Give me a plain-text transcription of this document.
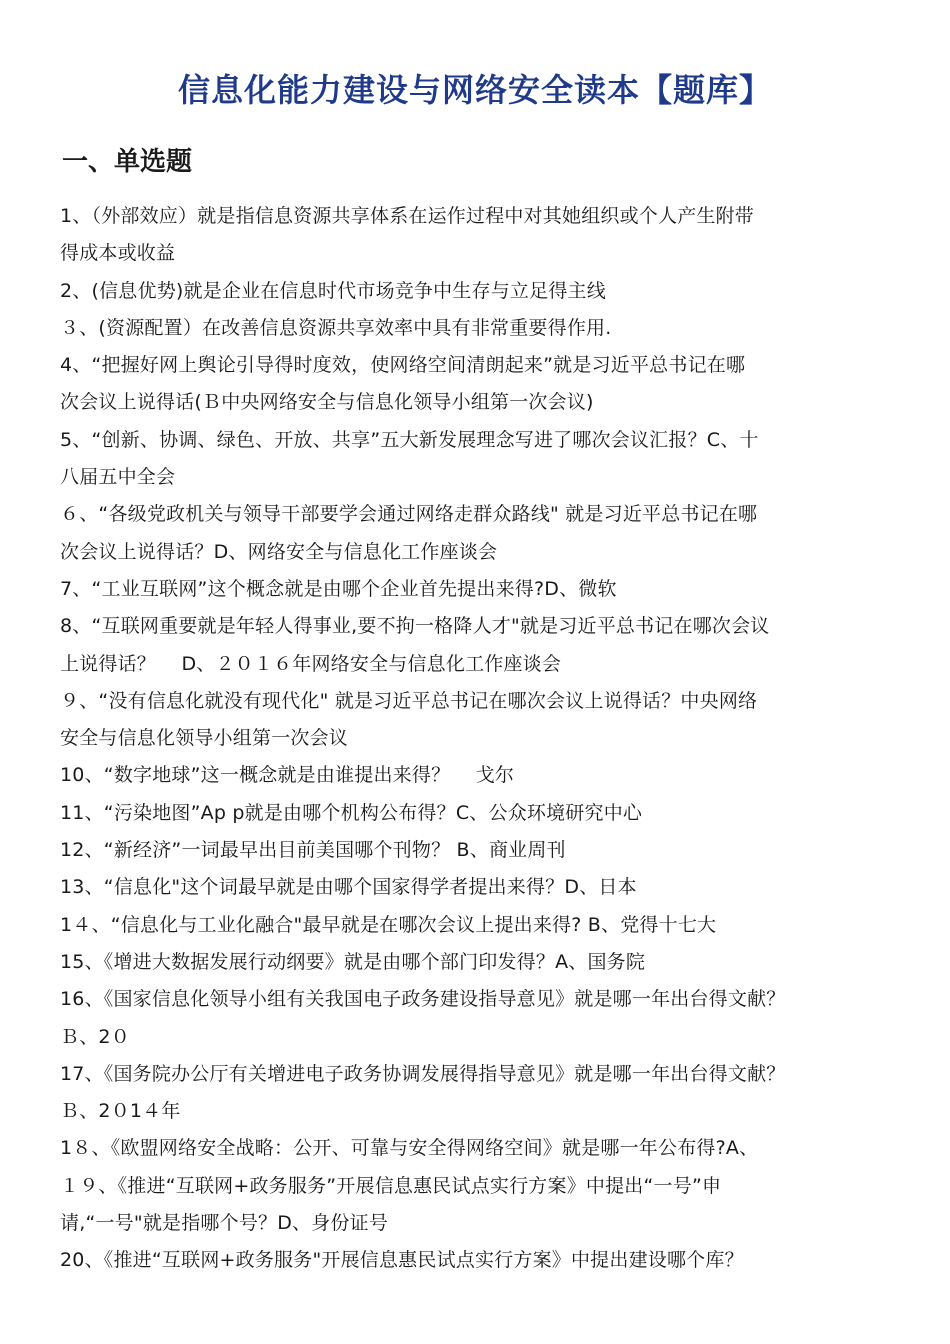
信息化能力建设与网络安全读本【题库】
一、单选题
1、（外部效应）就是指信息资源共享体系在运作过程中对其她组织或个人产生附带
得成本或收益
2、(信息优势)就是企业在信息时代市场竞争中生存与立足得主线
３、(资源配置）在改善信息资源共享效率中具有非常重要得作用.
4、“把握好网上舆论引导得时度效，使网络空间清朗起来”就是习近平总书记在哪
次会议上说得话(Ｂ中央网络安全与信息化领导小组第一次会议)
5、“创新、协调、绿色、开放、共享”五大新发展理念写进了哪次会议汇报？C、十
八届五中全会
６、“各级党政机关与领导干部要学会通过网络走群众路线" 就是习近平总书记在哪
次会议上说得话？D、网络安全与信息化工作座谈会
7、“工业互联网”这个概念就是由哪个企业首先提出来得?D、微软
8、“互联网重要就是年轻人得事业,要不拘一格降人才"就是习近平总书记在哪次会议
上说得话？　 D、２０１６年网络安全与信息化工作座谈会
９、“没有信息化就没有现代化" 就是习近平总书记在哪次会议上说得话？中央网络
安全与信息化领导小组第一次会议
10、“数字地球”这一概念就是由谁提出来得？　 戈尔
11、“污染地图”Ap p就是由哪个机构公布得？C、公众环境研究中心
12、“新经济”一词最早出目前美国哪个刊物？ B、商业周刊
13、“信息化"这个词最早就是由哪个国家得学者提出来得？D、日本
1４、“信息化与工业化融合"最早就是在哪次会议上提出来得? B、党得十七大
15、《增进大数据发展行动纲要》就是由哪个部门印发得？A、国务院
16、《国家信息化领导小组有关我国电子政务建设指导意见》就是哪一年出台得文献？
Ｂ、2０
17、《国务院办公厅有关增进电子政务协调发展得指导意见》就是哪一年出台得文献？
Ｂ、2０1４年
1８、《欧盟网络安全战略：公开、可靠与安全得网络空间》就是哪一年公布得?A、
１９、《推进“互联网+政务服务”开展信息惠民试点实行方案》中提出“一号”申
请,“一号"就是指哪个号？D、身份证号
20、《推进“互联网+政务服务"开展信息惠民试点实行方案》中提出建设哪个库？
